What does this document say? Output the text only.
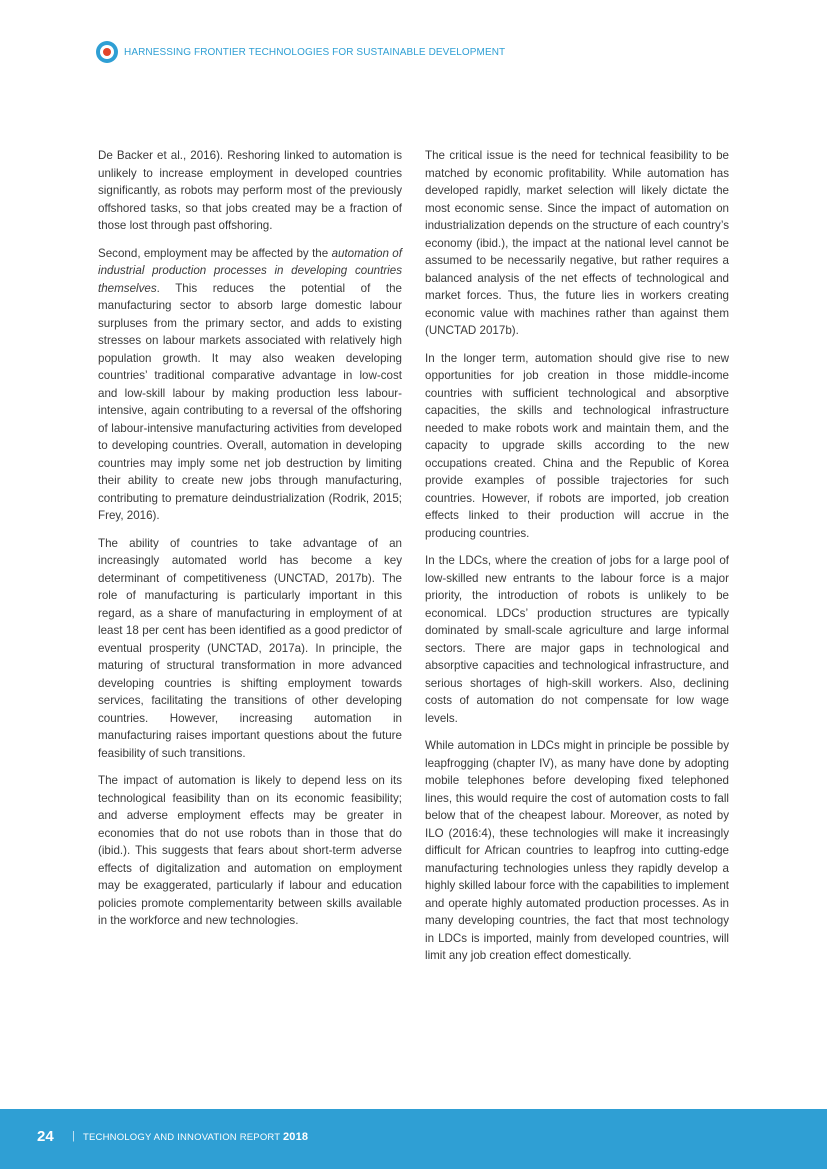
HARNESSING FRONTIER TECHNOLOGIES FOR SUSTAINABLE DEVELOPMENT

De Backer et al., 2016). Reshoring linked to automation is unlikely to increase employment in developed countries significantly, as robots may perform most of the previously offshored tasks, so that jobs created may be a fraction of those lost through past offshoring.

Second, employment may be affected by the automation of industrial production processes in developing countries themselves. This reduces the potential of the manufacturing sector to absorb large domestic labour surpluses from the primary sector, and adds to existing stresses on labour markets associated with relatively high population growth. It may also weaken developing countries’ traditional comparative advantage in low-cost and low-skill labour by making production less labour-intensive, again contributing to a reversal of the offshoring of labour-intensive manufacturing activities from developed to developing countries. Overall, automation in developing countries may imply some net job destruction by limiting their ability to create new jobs through manufacturing, contributing to premature deindustrialization (Rodrik, 2015; Frey, 2016).

The ability of countries to take advantage of an increasingly automated world has become a key determinant of competitiveness (UNCTAD, 2017b). The role of manufacturing is particularly important in this regard, as a share of manufacturing in employment of at least 18 per cent has been identified as a good predictor of eventual prosperity (UNCTAD, 2017a). In principle, the maturing of structural transformation in more advanced developing countries is shifting employment towards services, facilitating the transitions of other developing countries. However, increasing automation in manufacturing raises important questions about the future feasibility of such transitions.

The impact of automation is likely to depend less on its technological feasibility than on its economic feasibility; and adverse employment effects may be greater in economies that do not use robots than in those that do (ibid.). This suggests that fears about short-term adverse effects of digitalization and automation on employment may be exaggerated, particularly if labour and education policies promote complementarity between skills available in the workforce and new technologies.

The critical issue is the need for technical feasibility to be matched by economic profitability. While automation has developed rapidly, market selection will likely dictate the most economic sense. Since the impact of automation on industrialization depends on the structure of each country’s economy (ibid.), the impact at the national level cannot be assumed to be necessarily negative, but rather requires a balanced analysis of the net effects of technological and market forces. Thus, the future lies in workers creating economic value with machines rather than against them (UNCTAD 2017b).

In the longer term, automation should give rise to new opportunities for job creation in those middle-income countries with sufficient technological and absorptive capacities, the skills and technological infrastructure needed to make robots work and maintain them, and the capacity to upgrade skills according to the new occupations created. China and the Republic of Korea provide examples of possible trajectories for such countries. However, if robots are imported, job creation effects linked to their production will accrue in the producing countries.

In the LDCs, where the creation of jobs for a large pool of low-skilled new entrants to the labour force is a major priority, the introduction of robots is unlikely to be economical. LDCs’ production structures are typically dominated by small-scale agriculture and large informal sectors. There are major gaps in technological and absorptive capacities and technological infrastructure, and serious shortages of high-skill workers. Also, declining costs of automation do not compensate for low wage levels.

While automation in LDCs might in principle be possible by leapfrogging (chapter IV), as many have done by adopting mobile telephones before developing fixed telephoned lines, this would require the cost of automation costs to fall below that of the cheapest labour. Moreover, as noted by ILO (2016:4), these technologies will make it increasingly difficult for African countries to leapfrog into cutting-edge manufacturing technologies unless they rapidly develop a highly skilled labour force with the capabilities to implement and operate highly automated production processes. As in many developing countries, the fact that most technology in LDCs is imported, mainly from developed countries, will limit any job creation effect domestically.

24 | TECHNOLOGY AND INNOVATION REPORT 2018
